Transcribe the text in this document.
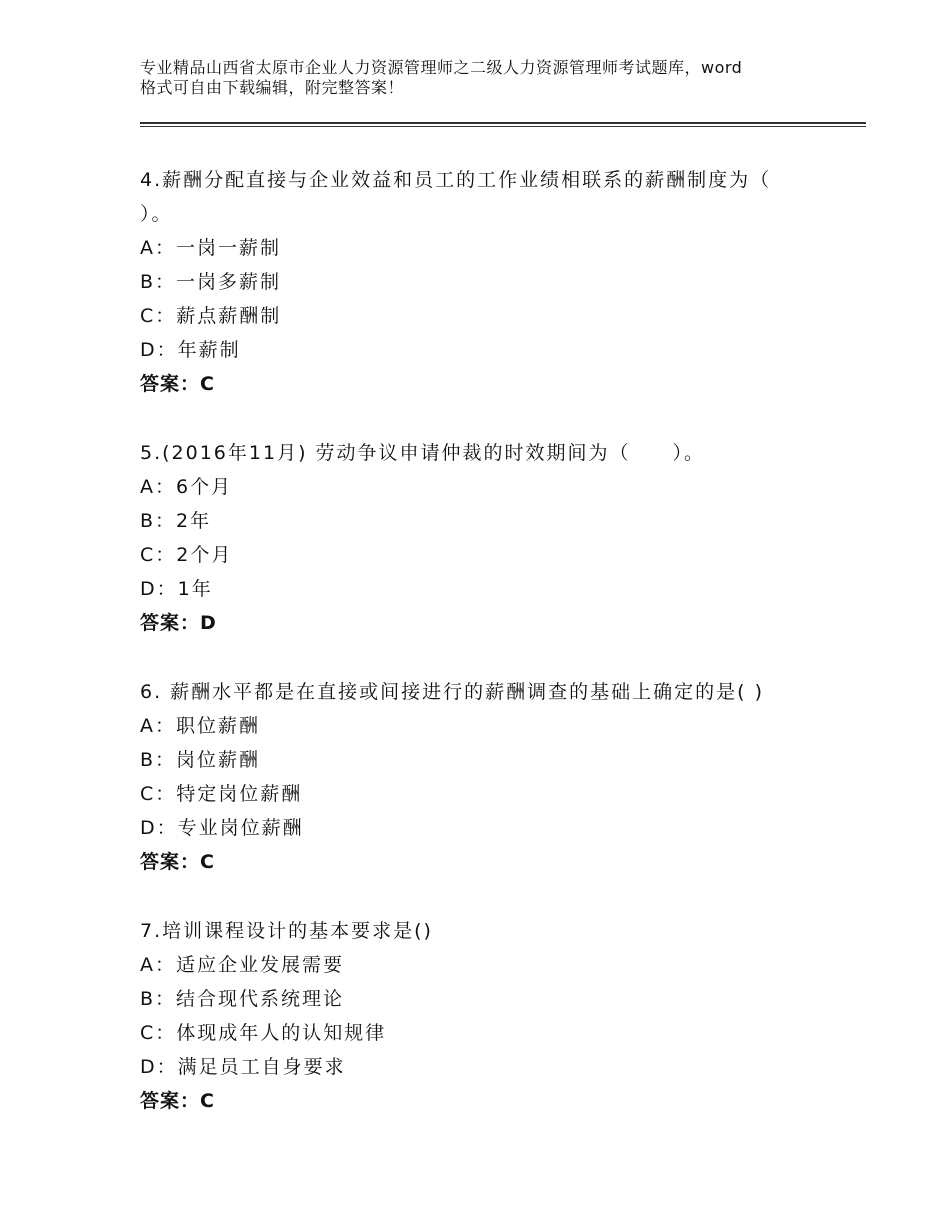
专业精品山西省太原市企业人力资源管理师之二级人力资源管理师考试题库，word
格式可自由下载编辑，附完整答案！
4.薪酬分配直接与企业效益和员工的工作业绩相联系的薪酬制度为（
）。
A：一岗一薪制
B：一岗多薪制
C：薪点薪酬制
D：年薪制
答案：C
5.(2016年11月) 劳动争议申请仲裁的时效期间为（　　）。
A：6个月
B：2年
C：2个月
D：1年
答案：D
6. 薪酬水平都是在直接或间接进行的薪酬调查的基础上确定的是( )
A：职位薪酬
B：岗位薪酬
C：特定岗位薪酬
D：专业岗位薪酬
答案：C
7.培训课程设计的基本要求是()
A：适应企业发展需要
B：结合现代系统理论
C：体现成年人的认知规律
D：满足员工自身要求
答案：C
